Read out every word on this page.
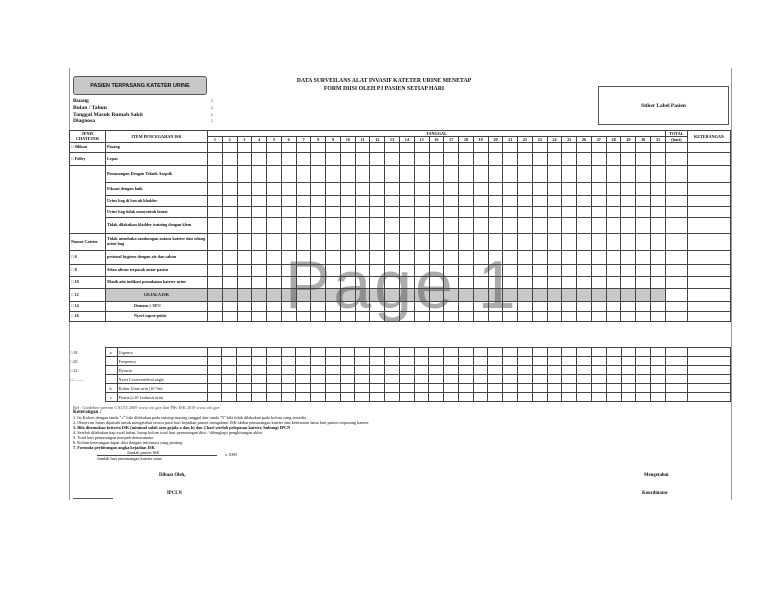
PASIEN TERPASANG KATETER URINE
DATA SURVEILANS ALAT INVASIF KATETER URINE MENETAP
FORM DIISI OLEH PJ PASIEN SETIAP HARI
Stiker Label Pasien
Ruang	:
Bulan / Tahun	:
Tanggal Masuk Rumah Sakit	:
Diagnosa	:
JENIS CHATETER	ITEM PENCEGAHAN ISK	TANGGAL																															TOTAL	KETERANGAN
		1	2	3	4	5	6	7	8	9	10	11	12	13	14	15	16	17	18	19	20	21	22	23	24	25	26	27	28	29	30	31	(hari)	
□ Silikon	Pasang																																	
□ Folley	Lepas																																	
	Pemasangan Dengan Teknik Aseptik																																	
	Fiksasi dengan baik																																	
	Urine bag di bawah bladder																																	
	Urine bag tidak menyentuh lantai																																	
	Tidak dilakukan bladder training dengan klem																																	
Nomor Cateter	Tidak membuka sambungan antara kateter dan selang urine bag																																	
□ 6	perineal hygiene dengan air dan sabun																																	
□ 8	Selan aliran terpasak antar pasien																																	
□ 10	Masih ada indikasi pemakaian kateter urine																																	
□ 12	GEJALA ISK																																	
□ 14	Demam ≥ 38°C																																	
□ 16	Nyeri supra-pubic																																	
□ 18	a.	Urgency																																	
□ 20		Frequency																																	
□ 22		Dysuria																																	
□ ...........		Nyeri Costovertebral angle																																	
	b.	Kultur Urine urin (10 ⁵/ml																																	
	c.	Pyuria (≥10 Leukosit urin)																																	
Ref : Guideline prevent CAUTI 2009 www.cdc.gov dan PIK-ISK 2019 www.cdc.gov
Keterangan :
1. Isi Kolom dengan tanda "√" bila dilakukan pada masing-masing tanggal dan tanda "0" bila tidak dilakukan pada kolom yang tersedia
2. Observasi harus dipatuhi untuk mengetahui secara pasti hari kejadian pasien mengalami ISK akibat pemasangan kateter dan kebenaran lama hari pasien terpasang kateter
3. Bila ditemukan kriteria ISK (minimal salah satu gejala a dan b) dan 2 hari setelah pelepasan kateter, hubungi IPCN
4. Setelah dilakukan tiap awal bulan, harap kolom total hari pemasangan diisi / dilengkapi penghitungan akhir
5. Total hari pemasangan menjadi denominator
6. Kolom keterangan dapat diisi dengan informasi yang penting
7. Formula perhitungan angka kejadian ISK
Jumlah pasien ISK	x 1000
Jumlah hari pemasangan kateter urine
Dibuat Oleh,
IPCLN
Mengetahui
Koordinator
Page 1
